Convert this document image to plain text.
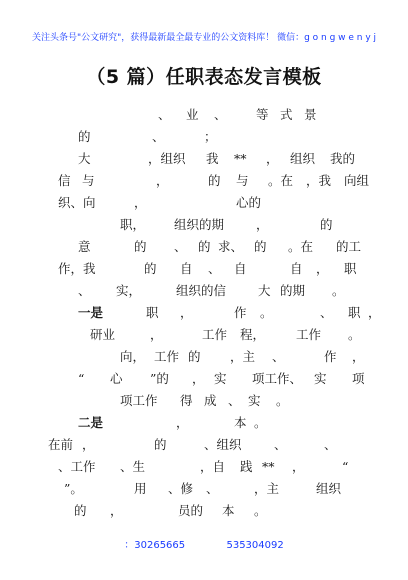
关注头条号"公文研究"，获得最新最全最专业的公文资料库！ 微信：g o n g w e n y j
（5 篇）任职表态发言模板
、 业 、 等 式 景
的	、	；
大	，组织 我 ** ， 组织 我的
信 与	，	的 与 。在 ，我 向组
织、向	，	心的
职， 组织的期	，	的
意	的 、 的 求、 的 。在 的工
作，我	的 自 、 自	自 ， 职
、 实，	组织的信	大 的期 。
一是	职 ，	作 。	、 职 ，
研业	，	工作 程， 工作 。
向， 工作 的 ，主 、	作 ，
“ 心 ”的 ， 实 项工作、 实 项
项工作 得 成 、 实 。
二是	，	本 。
在前 ，	的	、组织	、	、
、工作 、生	，自 践 ** ，	“
”。	用 、修 、	，主	组织
的 ，	员的 本 。
：30265665             535304092
